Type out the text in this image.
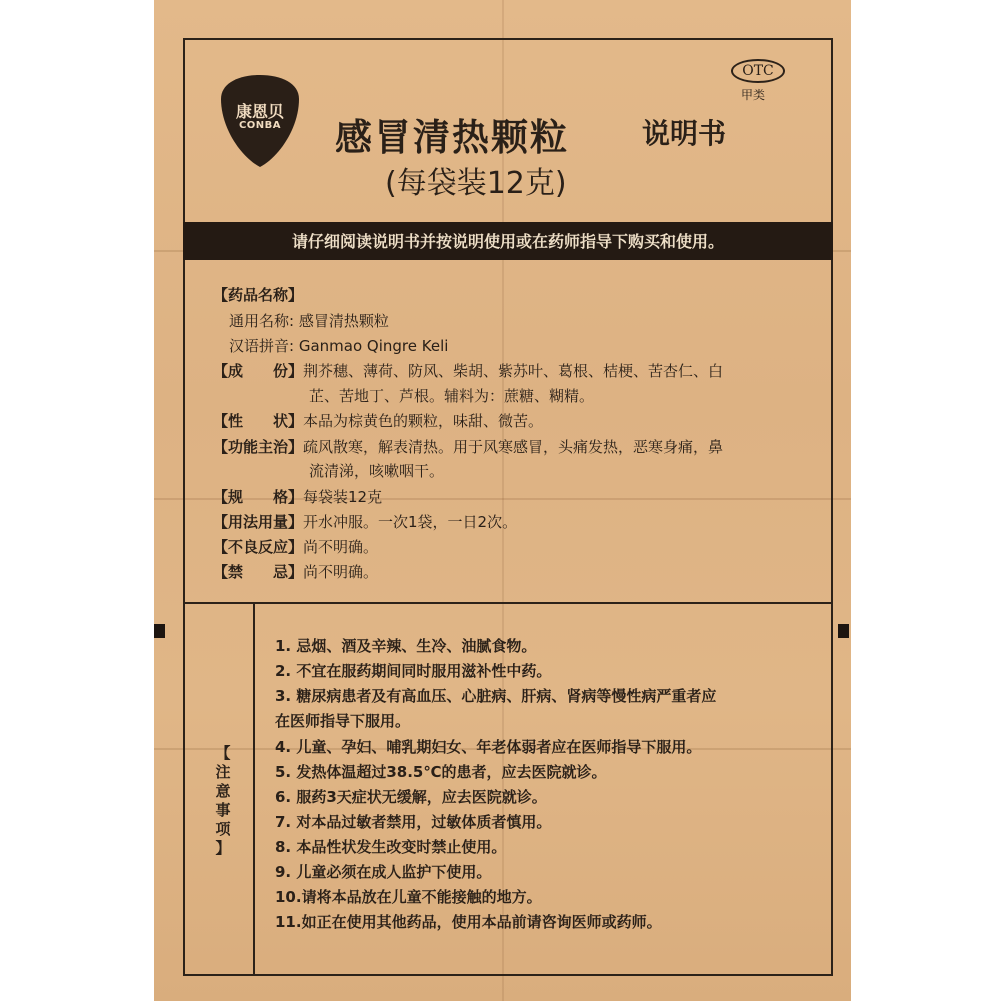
康恩贝
CONBA
OTC
甲类
感冒清热颗粒	说明书
(每袋装12克)
请仔细阅读说明书并按说明使用或在药师指导下购买和使用。
【药品名称】
通用名称: 感冒清热颗粒
汉语拼音: Ganmao Qingre Keli
【成　　份】荆芥穗、薄荷、防风、柴胡、紫苏叶、葛根、桔梗、苦杏仁、白
芷、苦地丁、芦根。辅料为：蔗糖、糊精。
【性　　状】本品为棕黄色的颗粒，味甜、微苦。
【功能主治】疏风散寒，解表清热。用于风寒感冒，头痛发热，恶寒身痛，鼻
流清涕，咳嗽咽干。
【规　　格】每袋装12克
【用法用量】开水冲服。一次1袋，一日2次。
【不良反应】尚不明确。
【禁　　忌】尚不明确。
【
注
意
事
项
】
1. 忌烟、酒及辛辣、生冷、油腻食物。
2. 不宜在服药期间同时服用滋补性中药。
3. 糖尿病患者及有高血压、心脏病、肝病、肾病等慢性病严重者应
在医师指导下服用。
4. 儿童、孕妇、哺乳期妇女、年老体弱者应在医师指导下服用。
5. 发热体温超过38.5℃的患者，应去医院就诊。
6. 服药3天症状无缓解，应去医院就诊。
7. 对本品过敏者禁用，过敏体质者慎用。
8. 本品性状发生改变时禁止使用。
9. 儿童必须在成人监护下使用。
10.请将本品放在儿童不能接触的地方。
11.如正在使用其他药品，使用本品前请咨询医师或药师。
